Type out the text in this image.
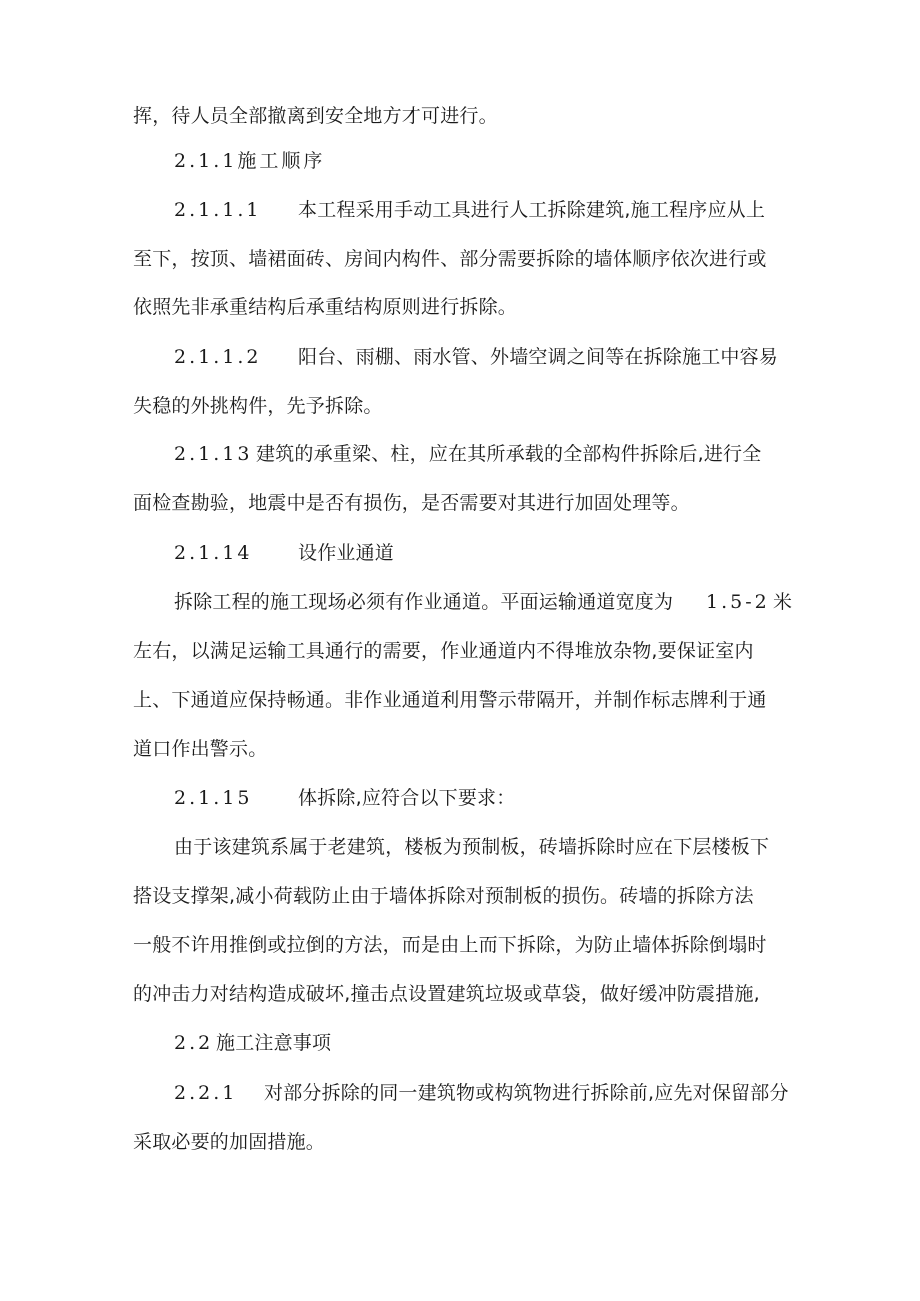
挥，待人员全部撤离到安全地方才可进行。
2.1.1施工顺序
2.1.1.1 本工程采用手动工具进行人工拆除建筑,施工程序应从上
至下，按顶、墙裙面砖、房间内构件、部分需要拆除的墙体顺序依次进行或
依照先非承重结构后承重结构原则进行拆除。
2.1.1.2 阳台、雨棚、雨水管、外墙空调之间等在拆除施工中容易
失稳的外挑构件，先予拆除。
2.1.13 建筑的承重梁、柱，应在其所承载的全部构件拆除后,进行全
面检查勘验，地震中是否有损伤，是否需要对其进行加固处理等。
2.1.14 设作业通道
拆除工程的施工现场必须有作业通道。平面运输通道宽度为 1.5-2 米
左右，以满足运输工具通行的需要，作业通道内不得堆放杂物,要保证室内
上、下通道应保持畅通。非作业通道利用警示带隔开，并制作标志牌利于通
道口作出警示。
2.1.15 体拆除,应符合以下要求：
由于该建筑系属于老建筑，楼板为预制板，砖墙拆除时应在下层楼板下
搭设支撑架,减小荷载防止由于墙体拆除对预制板的损伤。砖墙的拆除方法
一般不许用推倒或拉倒的方法，而是由上而下拆除，为防止墙体拆除倒塌时
的冲击力对结构造成破坏,撞击点设置建筑垃圾或草袋，做好缓冲防震措施,
2.2 施工注意事项
2.2.1 对部分拆除的同一建筑物或构筑物进行拆除前,应先对保留部分
采取必要的加固措施。
